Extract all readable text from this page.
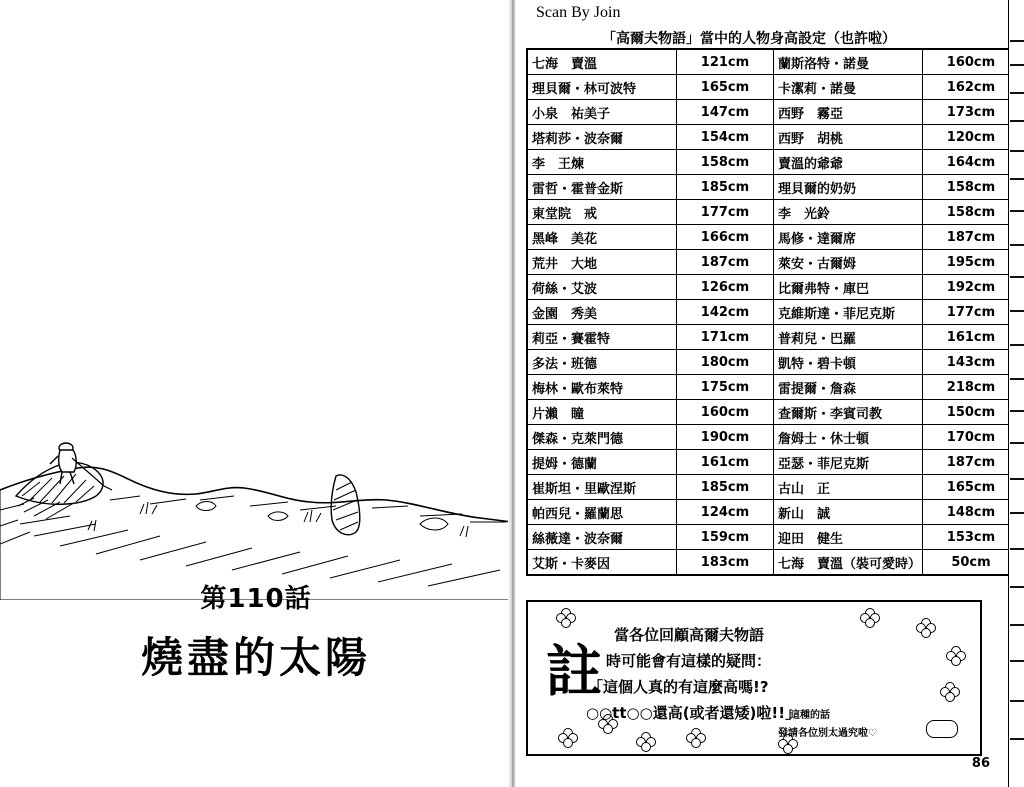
第110話
燒盡的太陽
Scan By Join
「高爾夫物語」當中的人物身高設定（也許啦）
七海　賣溫	121cm	蘭斯洛特・諾曼	160cm
理貝爾・林可波特	165cm	卡潔莉・諾曼	162cm
小泉　祐美子	147cm	西野　霧亞	173cm
塔莉莎・波奈爾	154cm	西野　胡桃	120cm
李　王煉	158cm	賣溫的爺爺	164cm
雷哲・霍普金斯	185cm	理貝爾的奶奶	158cm
東堂院　戒	177cm	李　光鈴	158cm
黑峰　美花	166cm	馬修・達爾席	187cm
荒井　大地	187cm	萊安・古爾姆	195cm
荷絲・艾波	126cm	比爾弗特・庫巴	192cm
金園　秀美	142cm	克維斯達・菲尼克斯	177cm
莉亞・賽霍特	171cm	普莉兒・巴羅	161cm
多法・班德	180cm	凱特・碧卡頓	143cm
梅林・歐布萊特	175cm	雷提爾・詹森	218cm
片瀨　瞳	160cm	查爾斯・李賓司教	150cm
傑森・克萊門德	190cm	詹姆士・休士頓	170cm
提姆・德蘭	161cm	亞瑟・菲尼克斯	187cm
崔斯坦・里歐涅斯	185cm	古山　正	165cm
帕西兒・羅蘭思	124cm	新山　誠	148cm
絲薇達・波奈爾	159cm	迎田　健生	153cm
艾斯・卡麥因	183cm	七海　賣溫（裝可愛時）	50cm
註
當各位回顧高爾夫物語
時可能會有這樣的疑問：
「這個人真的有這麼高嗎!?
○○tt○○還高(或者還矮)啦!!」
這種的話
發請各位別太過究啦♡
86
